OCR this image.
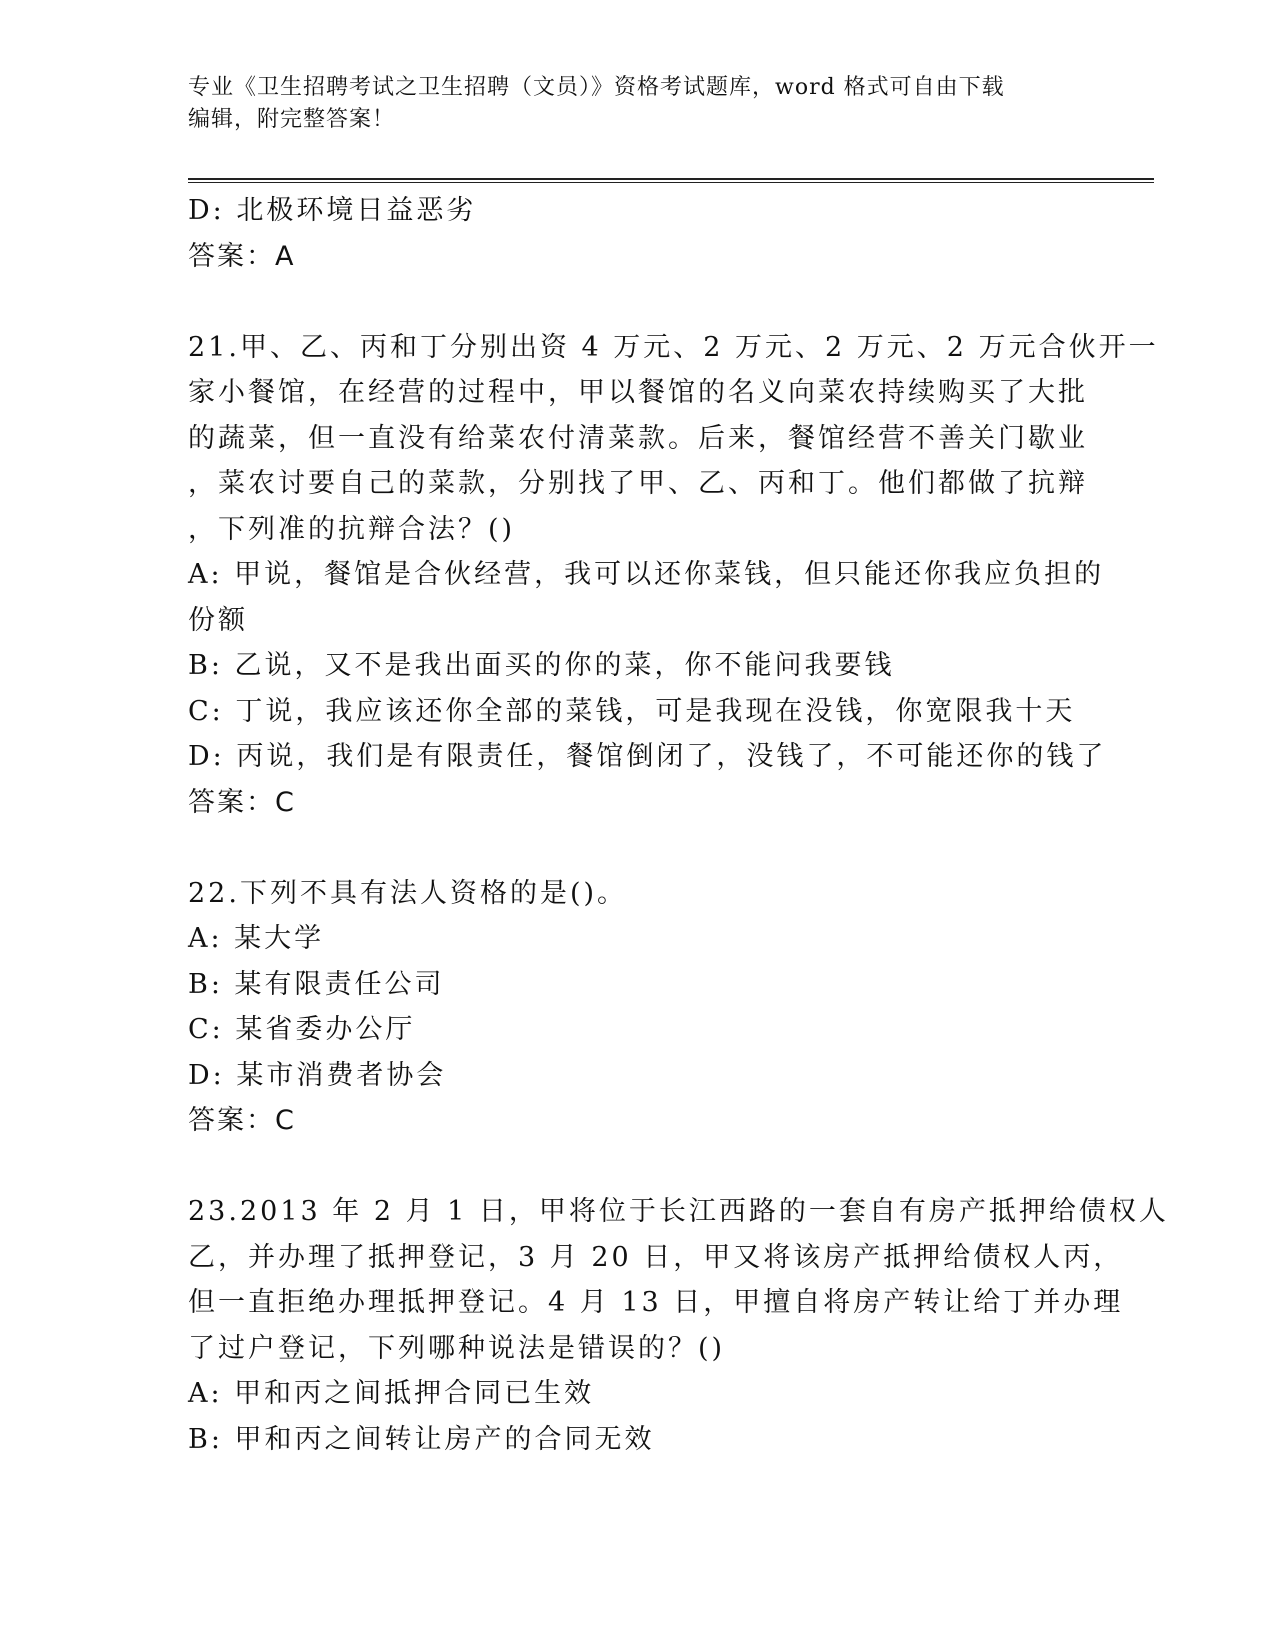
专业《卫生招聘考试之卫生招聘（文员）》资格考试题库，word 格式可自由下载
编辑，附完整答案！
D: 北极环境日益恶劣
答案：A
21.甲、乙、丙和丁分别出资 4 万元、2 万元、2 万元、2 万元合伙开一
家小餐馆，在经营的过程中，甲以餐馆的名义向菜农持续购买了大批
的蔬菜，但一直没有给菜农付清菜款。后来，餐馆经营不善关门歇业
，菜农讨要自己的菜款，分别找了甲、乙、丙和丁。他们都做了抗辩
，下列准的抗辩合法？()
A: 甲说，餐馆是合伙经营，我可以还你菜钱，但只能还你我应负担的
份额
B: 乙说，又不是我出面买的你的菜，你不能问我要钱
C: 丁说，我应该还你全部的菜钱，可是我现在没钱，你宽限我十天
D: 丙说，我们是有限责任，餐馆倒闭了，没钱了，不可能还你的钱了
答案：C
22.下列不具有法人资格的是()。
A: 某大学
B: 某有限责任公司
C: 某省委办公厅
D: 某市消费者协会
答案：C
23.2013 年 2 月 1 日，甲将位于长江西路的一套自有房产抵押给债权人
乙，并办理了抵押登记，3 月 20 日，甲又将该房产抵押给债权人丙，
但一直拒绝办理抵押登记。4 月 13 日，甲擅自将房产转让给丁并办理
了过户登记，下列哪种说法是错误的？()
A: 甲和丙之间抵押合同已生效
B: 甲和丙之间转让房产的合同无效
